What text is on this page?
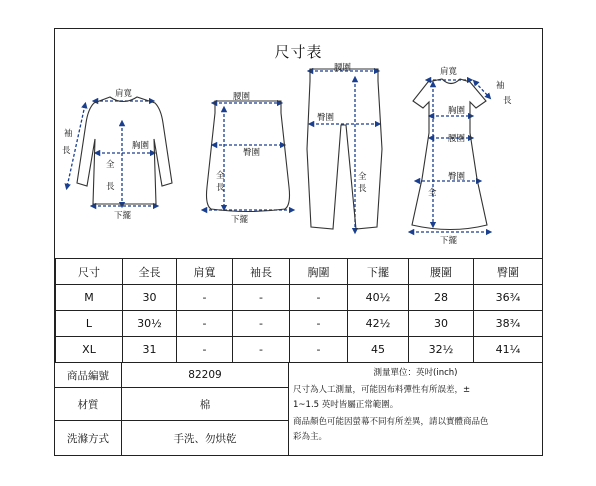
尺寸表
肩寬
袖
長	胸圍
全
長
下擺
腰圍
臀圍
全
長
下擺
腰圍
臀圍
全
長
肩寬
袖
長
胸圍
腰圍
臀圍
全
下擺
尺寸	全長	肩寬	袖長	胸圍	下擺	腰圍	臀圍
M	30	-	-	-	40½	28	36¾
L	30½	-	-	-	42½	30	38¾
XL	31	-	-	-	45	32½	41¼
商品編號	82209
材質	棉
洗滌方式	手洗、勿烘乾
測量單位：英吋(inch)
尺寸為人工測量，可能因布料彈性有所誤差，±
1~1.5 英吋皆屬正常範圍。
商品顏色可能因螢幕不同有所差異，請以實體商品色
彩為主。
